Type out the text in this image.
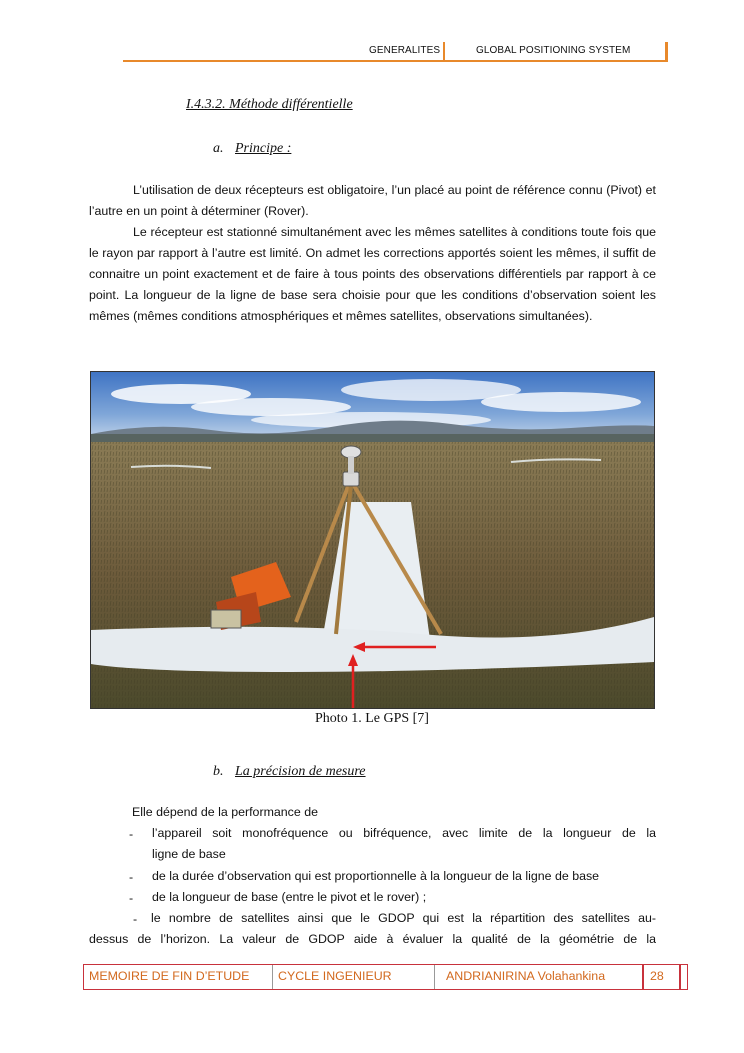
GENERALITES	GLOBAL POSITIONING SYSTEM
I.4.3.2. Méthode différentielle
a. Principe :

L’utilisation de deux récepteurs est obligatoire, l’un placé au point de référence connu (Pivot) et l’autre en un point à déterminer (Rover).

Le récepteur est stationné simultanément avec les mêmes satellites à conditions toute fois que le rayon par rapport à l’autre est limité. On admet les corrections apportés soient les mêmes, il suffit de connaitre un point exactement et de faire à tous points des observations différentiels par rapport à ce point. La longueur de la ligne de base sera choisie pour que les conditions d’observation soient les mêmes (mêmes conditions atmosphériques et mêmes satellites, observations simultanées).

Photo 1. Le GPS [7]
b. La précision de mesure
Elle dépend de la performance de
- l’appareil soit monofréquence ou bifréquence, avec limite de la longueur de la
ligne de base
- de la durée d’observation qui est proportionnelle à la longueur de la ligne de base
- de la longueur de base (entre le pivot et le rover) ;
- le nombre de satellites ainsi que le GDOP qui est la répartition des satellites au-
dessus de l’horizon. La valeur de GDOP aide à évaluer la qualité de la géométrie de la
MEMOIRE DE FIN D’ETUDE CYCLE INGENIEUR	ANDRIANIRINA Volahankina	28
